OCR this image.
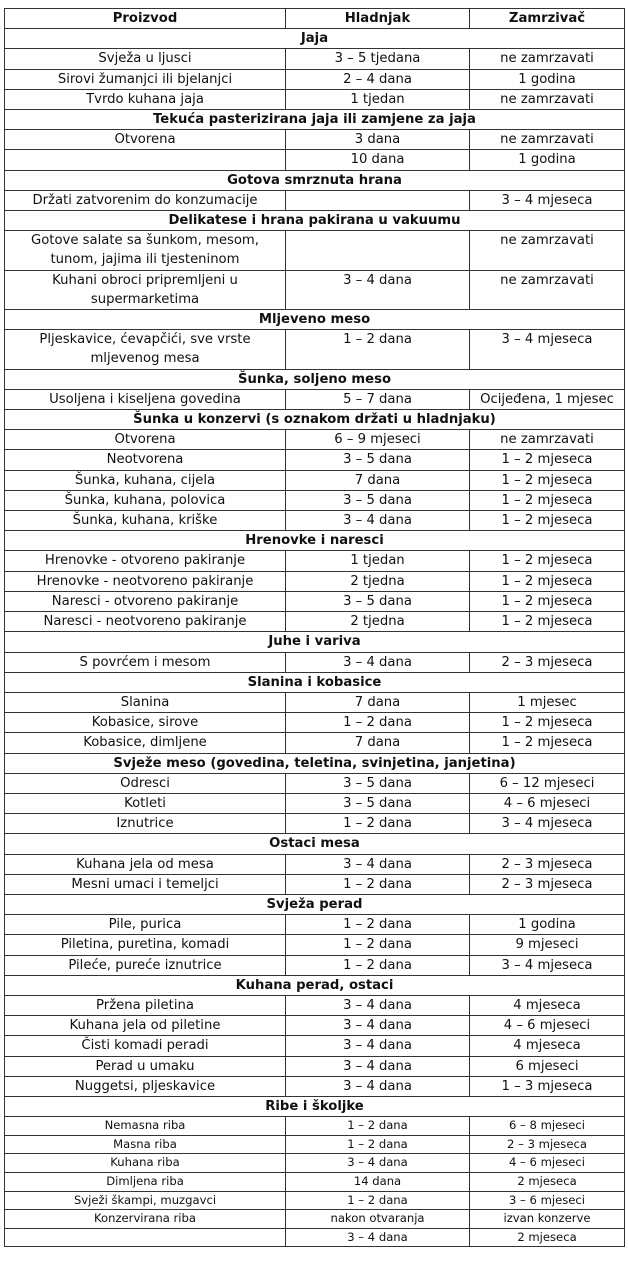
Proizvod	Hladnjak	Zamrzivač
Jaja		
Svježa u ljusci	3 – 5 tjedana	ne zamrzavati
Sirovi žumanjci ili bjelanjci	2 – 4 dana	1 godina
Tvrdo kuhana jaja	1 tjedan	ne zamrzavati
Tekuća pasterizirana jaja ili zamjene za jaja		
Otvorena	3 dana	ne zamrzavati
	10 dana	1 godina
Gotova smrznuta hrana		
Držati zatvorenim do konzumacije		3 – 4 mjeseca
Delikatese i hrana pakirana u vakuumu		
Gotove salate sa šunkom, mesom, tunom, jajima ili tjesteninom		ne zamrzavati
Kuhani obroci pripremljeni u supermarketima	3 – 4 dana	ne zamrzavati
Mljeveno meso		
Pljeskavice, ćevapčići, sve vrste mljevenog mesa	1 – 2 dana	3 – 4 mjeseca
Šunka, soljeno meso		
Usoljena i kiseljena govedina	5 – 7 dana	Ocijeđena, 1 mjesec
Šunka u konzervi (s oznakom držati u hladnjaku)		
Otvorena	6 – 9 mjeseci	ne zamrzavati
Neotvorena	3 – 5 dana	1 – 2 mjeseca
Šunka, kuhana, cijela	7 dana	1 – 2 mjeseca
Šunka, kuhana, polovica	3 – 5 dana	1 – 2 mjeseca
Šunka, kuhana, kriške	3 – 4 dana	1 – 2 mjeseca
Hrenovke i naresci		
Hrenovke - otvoreno pakiranje	1 tjedan	1 – 2 mjeseca
Hrenovke - neotvoreno pakiranje	2 tjedna	1 – 2 mjeseca
Naresci - otvoreno pakiranje	3 – 5 dana	1 – 2 mjeseca
Naresci - neotvoreno pakiranje	2 tjedna	1 – 2 mjeseca
Juhe i variva		
S povrćem i mesom	3 – 4 dana	2 – 3 mjeseca
Slanina i kobasice		
Slanina	7 dana	1 mjesec
Kobasice, sirove	1 – 2 dana	1 – 2 mjeseca
Kobasice, dimljene	7 dana	1 – 2 mjeseca
Svježe meso (govedina, teletina, svinjetina, janjetina)		
Odresci	3 – 5 dana	6 – 12 mjeseci
Kotleti	3 – 5 dana	4 – 6 mjeseci
Iznutrice	1 – 2 dana	3 – 4 mjeseca
Ostaci mesa		
Kuhana jela od mesa	3 – 4 dana	2 – 3 mjeseca
Mesni umaci i temeljci	1 – 2 dana	2 – 3 mjeseca
Svježa perad		
Pile, purica	1 – 2 dana	1 godina
Piletina, puretina, komadi	1 – 2 dana	9 mjeseci
Pileće, pureće iznutrice	1 – 2 dana	3 – 4 mjeseca
Kuhana perad, ostaci		
Pržena piletina	3 – 4 dana	4 mjeseca
Kuhana jela od piletine	3 – 4 dana	4 – 6 mjeseci
Čisti komadi peradi	3 – 4 dana	4 mjeseca
Perad u umaku	3 – 4 dana	6 mjeseci
Nuggetsi, pljeskavice	3 – 4 dana	1 – 3 mjeseca
Ribe i školjke		
Nemasna riba	1 – 2 dana	6 – 8 mjeseci
Masna riba	1 – 2 dana	2 – 3 mjeseca
Kuhana riba	3 – 4 dana	4 – 6 mjeseci
Dimljena riba	14 dana	2 mjeseca
Svježi škampi, muzgavci	1 – 2 dana	3 – 6 mjeseci
Konzervirana riba	nakon otvaranja	izvan konzerve
	3 – 4 dana	2 mjeseca
